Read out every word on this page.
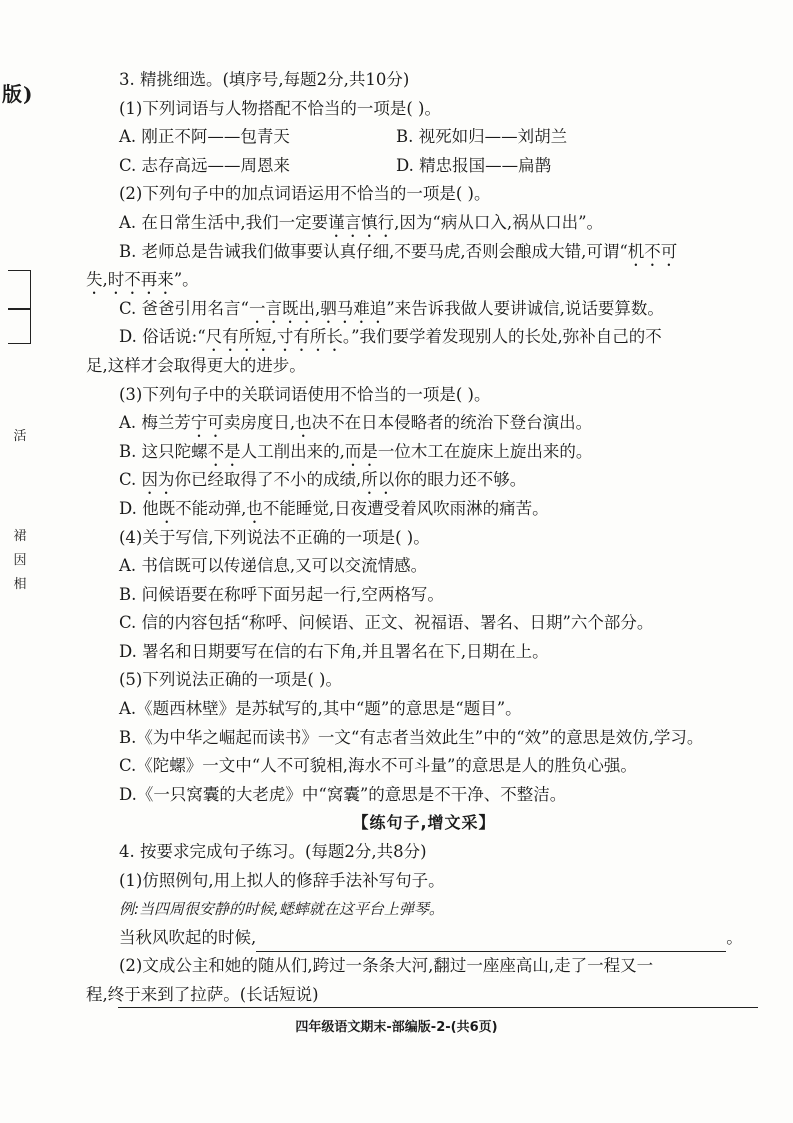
版)
活
裙
因
相
3. 精挑细选。(填序号,每题2分,共10分)
(1)下列词语与人物搭配不恰当的一项是( )。
A. 刚正不阿——包青天	B. 视死如归——刘胡兰
C. 志存高远——周恩来	D. 精忠报国——扁鹊
(2)下列句子中的加点词语运用不恰当的一项是( )。
A. 在日常生活中,我们一定要谨言慎行,因为“病从口入,祸从口出”。
B. 老师总是告诫我们做事要认真仔细,不要马虎,否则会酿成大错,可谓“机不可
失,时不再来”。
C. 爸爸引用名言“一言既出,驷马难追”来告诉我做人要讲诚信,说话要算数。
D. 俗话说:“尺有所短,寸有所长。”我们要学着发现别人的长处,弥补自己的不
足,这样才会取得更大的进步。
(3)下列句子中的关联词语使用不恰当的一项是( )。
A. 梅兰芳宁可卖房度日,也决不在日本侵略者的统治下登台演出。
B. 这只陀螺不是人工削出来的,而是一位木工在旋床上旋出来的。
C. 因为你已经取得了不小的成绩,所以你的眼力还不够。
D. 他既不能动弹,也不能睡觉,日夜遭受着风吹雨淋的痛苦。
(4)关于写信,下列说法不正确的一项是( )。
A. 书信既可以传递信息,又可以交流情感。
B. 问候语要在称呼下面另起一行,空两格写。
C. 信的内容包括“称呼、问候语、正文、祝福语、署名、日期”六个部分。
D. 署名和日期要写在信的右下角,并且署名在下,日期在上。
(5)下列说法正确的一项是( )。
A.《题西林壁》是苏轼写的,其中“题”的意思是“题目”。
B.《为中华之崛起而读书》一文“有志者当效此生”中的“效”的意思是效仿,学习。
C.《陀螺》一文中“人不可貌相,海水不可斗量”的意思是人的胜负心强。
D.《一只窝囊的大老虎》中“窝囊”的意思是不干净、不整洁。
【练句子,增文采】
4. 按要求完成句子练习。(每题2分,共8分)
(1)仿照例句,用上拟人的修辞手法补写句子。
例:当四周很安静的时候,蟋蟀就在这平台上弹琴。
当秋风吹起的时候,	。
(2)文成公主和她的随从们,跨过一条条大河,翻过一座座高山,走了一程又一
程,终于来到了拉萨。(长话短说)
四年级语文期末-部编版-2-(共6页)
